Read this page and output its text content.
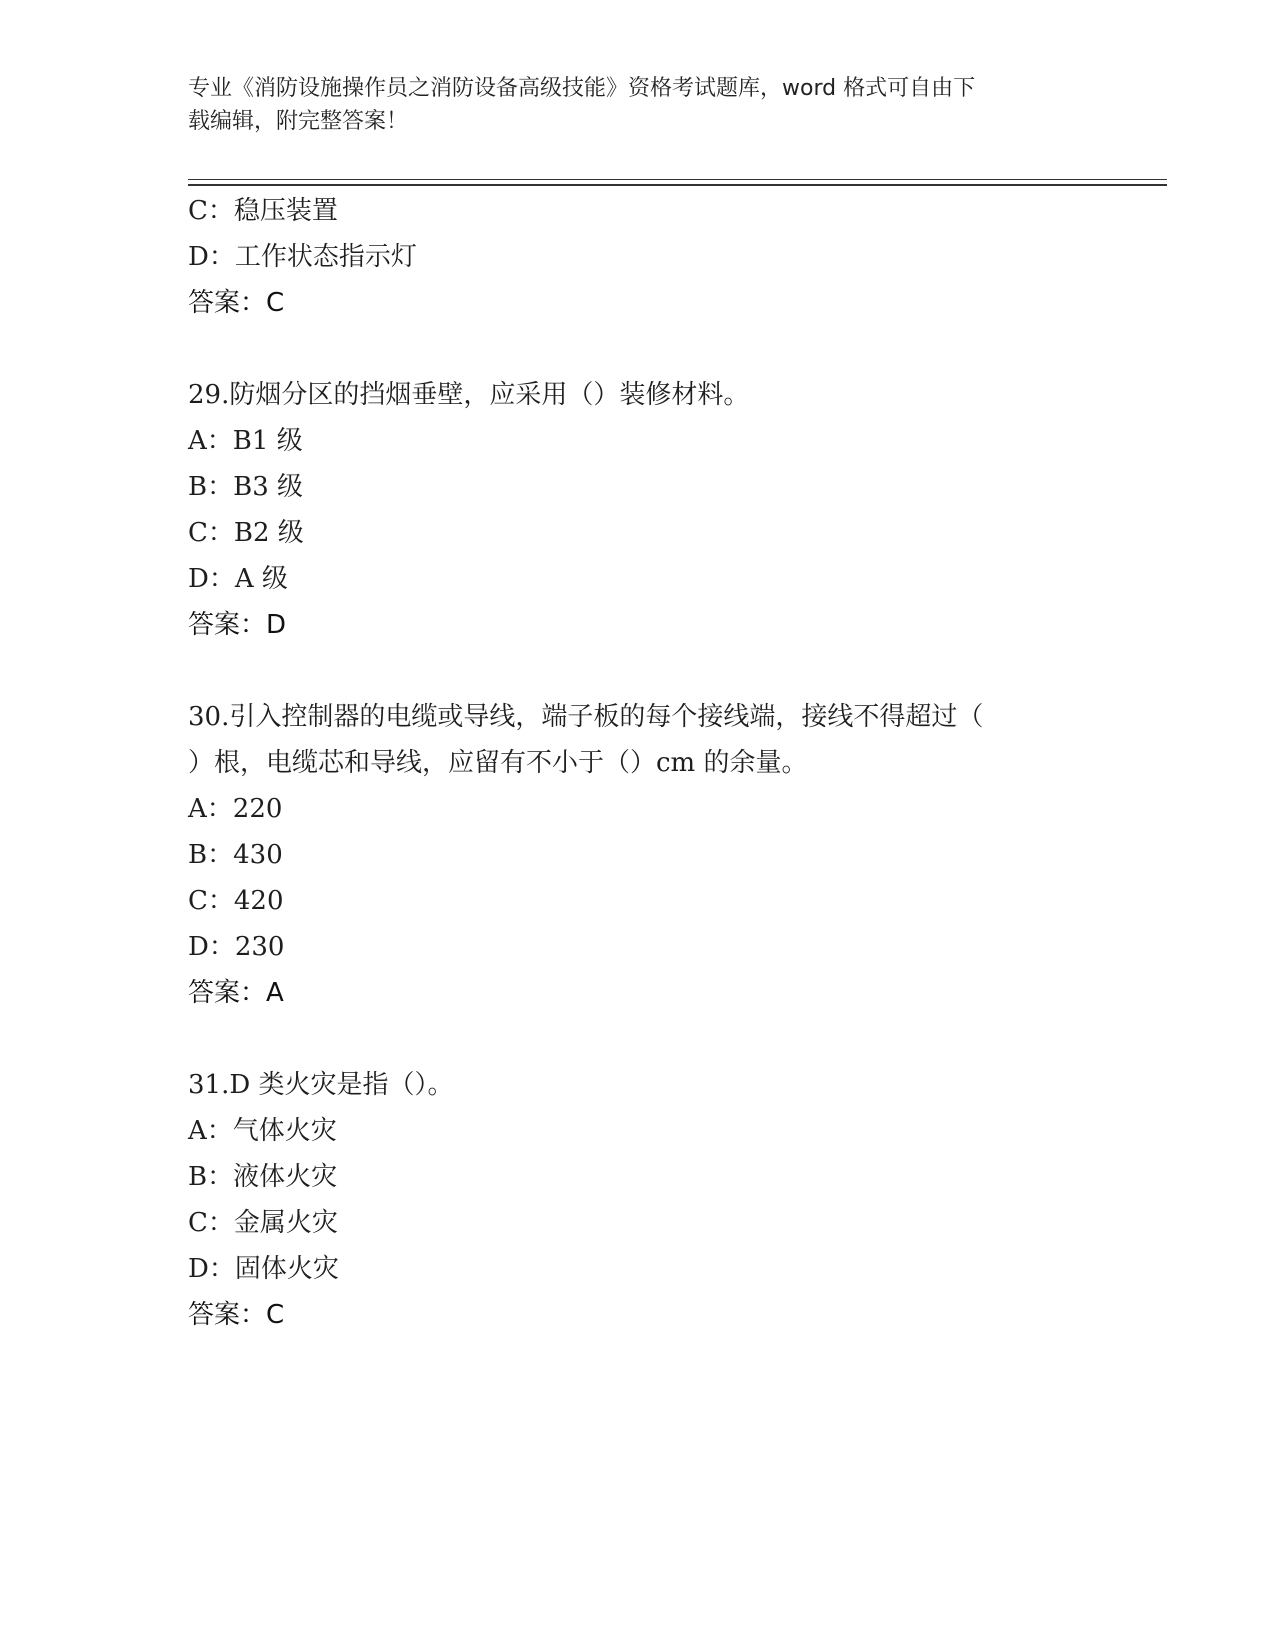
专业《消防设施操作员之消防设备高级技能》资格考试题库，word 格式可自由下
载编辑，附完整答案！
C：稳压装置
D：工作状态指示灯
答案：C
29.防烟分区的挡烟垂壁，应采用（）装修材料。
A：B1 级
B：B3 级
C：B2 级
D：A 级
答案：D
30.引入控制器的电缆或导线，端子板的每个接线端，接线不得超过（
）根，电缆芯和导线，应留有不小于（）cm 的余量。
A：220
B：430
C：420
D：230
答案：A
31.D 类火灾是指（）。
A：气体火灾
B：液体火灾
C：金属火灾
D：固体火灾
答案：C
